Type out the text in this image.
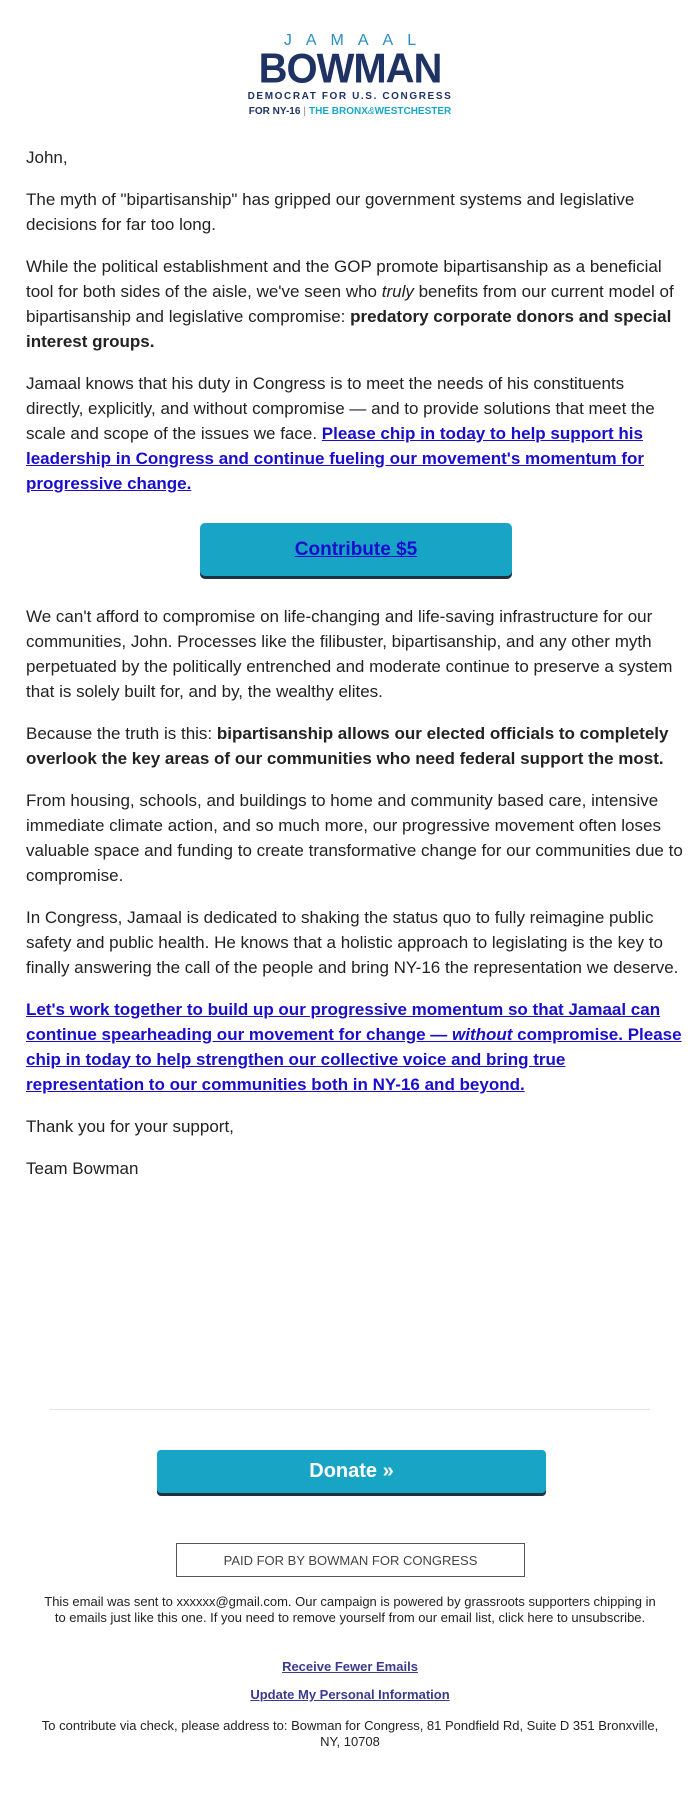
JAMAAL
BOWMAN
DEMOCRAT FOR U.S. CONGRESS
FOR NY-16 | THE BRONX&WESTCHESTER

John,

The myth of "bipartisanship" has gripped our government systems and legislative decisions for far too long.

While the political establishment and the GOP promote bipartisanship as a beneficial tool for both sides of the aisle, we've seen who truly benefits from our current model of bipartisanship and legislative compromise: predatory corporate donors and special interest groups.

Jamaal knows that his duty in Congress is to meet the needs of his constituents directly, explicitly, and without compromise — and to provide solutions that meet the scale and scope of the issues we face. Please chip in today to help support his leadership in Congress and continue fueling our movement's momentum for progressive change.

Contribute $5

We can't afford to compromise on life-changing and life-saving infrastructure for our communities, John. Processes like the filibuster, bipartisanship, and any other myth perpetuated by the politically entrenched and moderate continue to preserve a system that is solely built for, and by, the wealthy elites.

Because the truth is this: bipartisanship allows our elected officials to completely overlook the key areas of our communities who need federal support the most.

From housing, schools, and buildings to home and community based care, intensive immediate climate action, and so much more, our progressive movement often loses valuable space and funding to create transformative change for our communities due to compromise.

In Congress, Jamaal is dedicated to shaking the status quo to fully reimagine public safety and public health. He knows that a holistic approach to legislating is the key to finally answering the call of the people and bring NY-16 the representation we deserve.

Let's work together to build up our progressive momentum so that Jamaal can continue spearheading our movement for change — without compromise. Please chip in today to help strengthen our collective voice and bring true representation to our communities both in NY-16 and beyond.

Thank you for your support,

Team Bowman

Donate »
PAID FOR BY BOWMAN FOR CONGRESS
This email was sent to xxxxxx@gmail.com. Our campaign is powered by grassroots supporters chipping in to emails just like this one. If you need to remove yourself from our email list, click here to unsubscribe.
Receive Fewer Emails
Update My Personal Information
To contribute via check, please address to: Bowman for Congress, 81 Pondfield Rd, Suite D 351 Bronxville, NY, 10708
